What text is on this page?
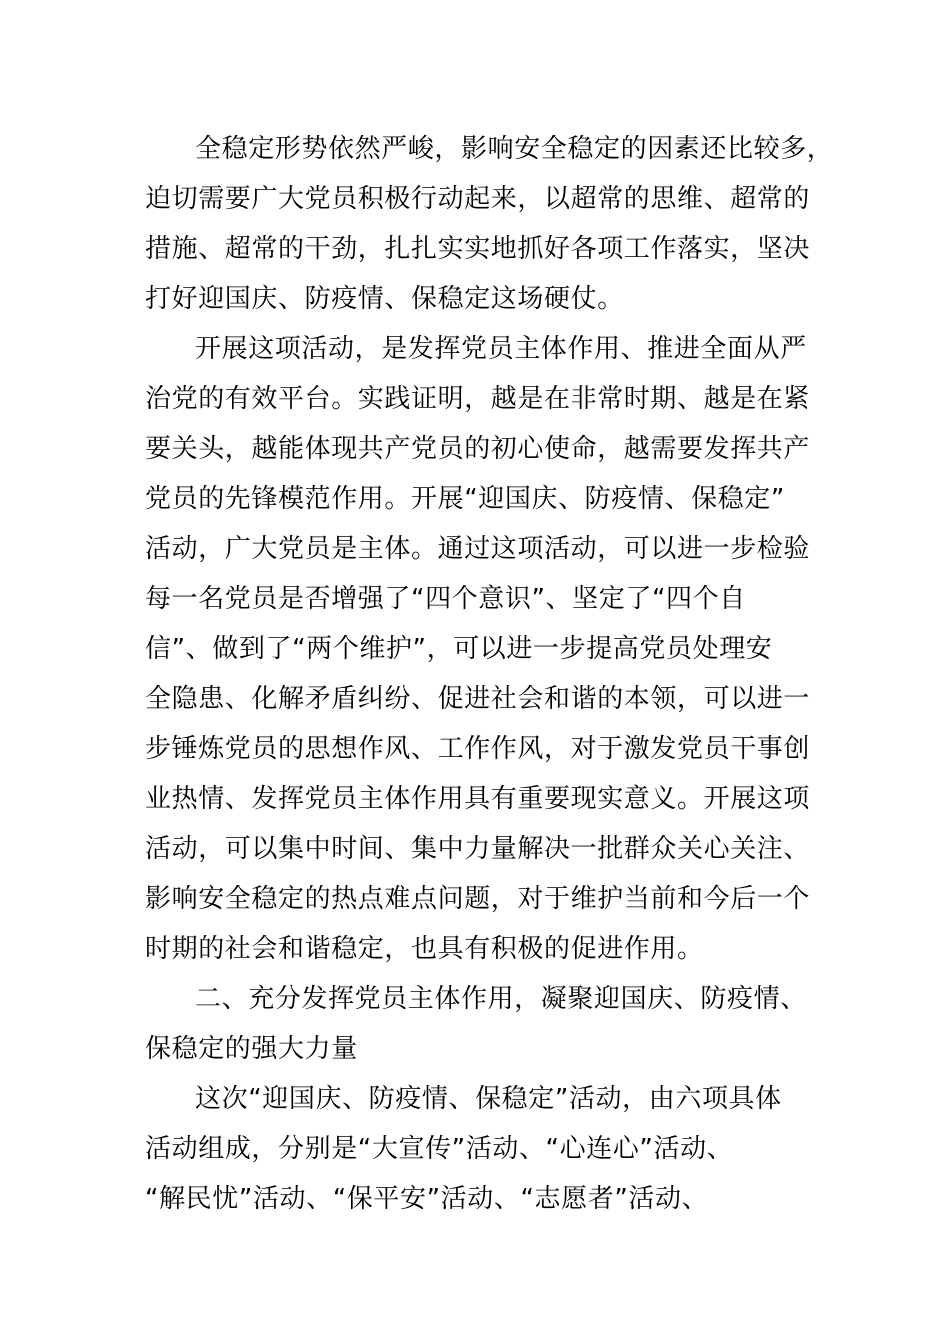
全稳定形势依然严峻，影响安全稳定的因素还比较多，
迫切需要广大党员积极行动起来，以超常的思维、超常的
措施、超常的干劲，扎扎实实地抓好各项工作落实，坚决
打好迎国庆、防疫情、保稳定这场硬仗。
开展这项活动，是发挥党员主体作用、推进全面从严
治党的有效平台。实践证明，越是在非常时期、越是在紧
要关头，越能体现共产党员的初心使命，越需要发挥共产
党员的先锋模范作用。开展“迎国庆、防疫情、保稳定”
活动，广大党员是主体。通过这项活动，可以进一步检验
每一名党员是否增强了“四个意识”、坚定了“四个自
信”、做到了“两个维护”，可以进一步提高党员处理安
全隐患、化解矛盾纠纷、促进社会和谐的本领，可以进一
步锤炼党员的思想作风、工作作风，对于激发党员干事创
业热情、发挥党员主体作用具有重要现实意义。开展这项
活动，可以集中时间、集中力量解决一批群众关心关注、
影响安全稳定的热点难点问题，对于维护当前和今后一个
时期的社会和谐稳定，也具有积极的促进作用。
二、充分发挥党员主体作用，凝聚迎国庆、防疫情、
保稳定的强大力量
这次“迎国庆、防疫情、保稳定”活动，由六项具体
活动组成，分别是“大宣传”活动、“心连心”活动、
“解民忧”活动、“保平安”活动、“志愿者”活动、
